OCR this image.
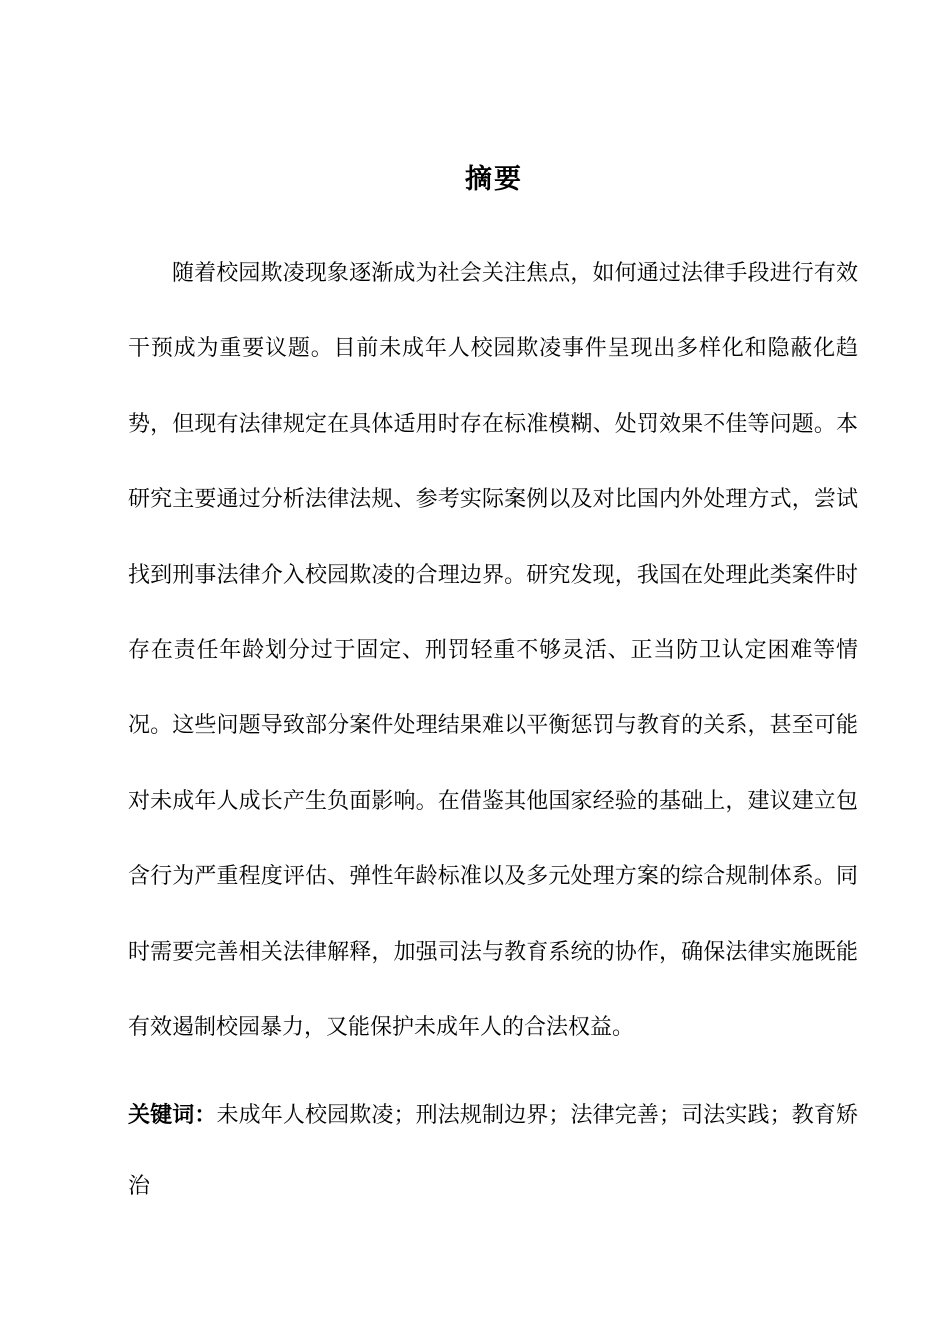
摘要

随着校园欺凌现象逐渐成为社会关注焦点，如何通过法律手段进行有效干预成为重要议题。目前未成年人校园欺凌事件呈现出多样化和隐蔽化趋势，但现有法律规定在具体适用时存在标准模糊、处罚效果不佳等问题。本研究主要通过分析法律法规、参考实际案例以及对比国内外处理方式，尝试找到刑事法律介入校园欺凌的合理边界。研究发现，我国在处理此类案件时存在责任年龄划分过于固定、刑罚轻重不够灵活、正当防卫认定困难等情况。这些问题导致部分案件处理结果难以平衡惩罚与教育的关系，甚至可能对未成年人成长产生负面影响。在借鉴其他国家经验的基础上，建议建立包含行为严重程度评估、弹性年龄标准以及多元处理方案的综合规制体系。同时需要完善相关法律解释，加强司法与教育系统的协作，确保法律实施既能有效遏制校园暴力，又能保护未成年人的合法权益。

关键词：未成年人校园欺凌；刑法规制边界；法律完善；司法实践；教育矫治
